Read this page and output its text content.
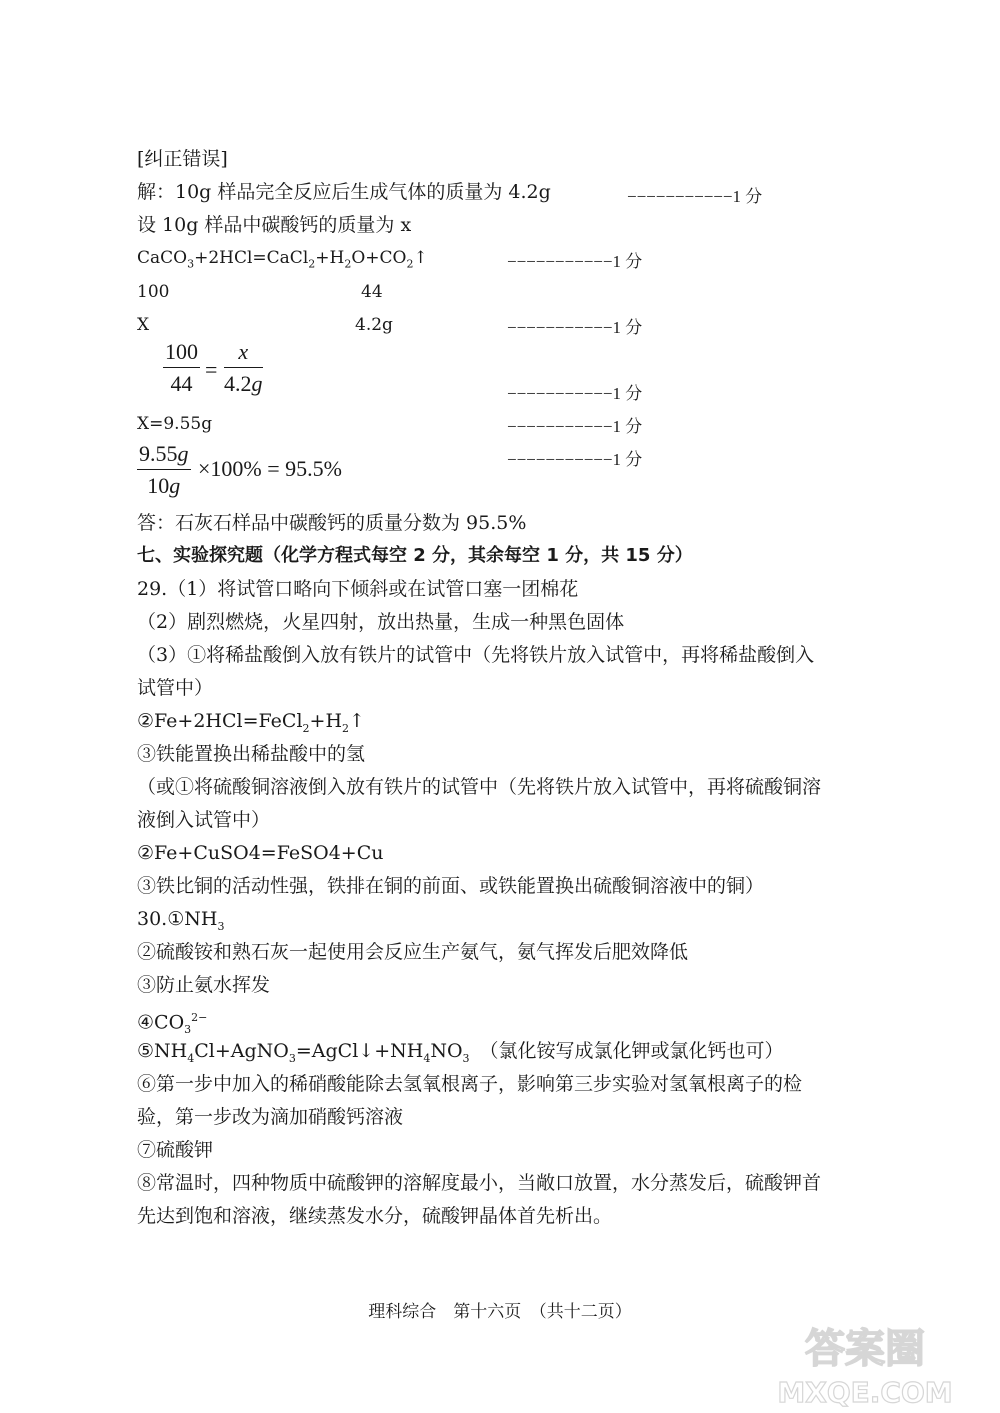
[纠正错误]
解：10g 样品完全反应后生成气体的质量为 4.2g	−−−−−−−−−−−1 分
设 10g 样品中碳酸钙的质量为 x
$CaCO_3+2HCl=CaCl_2+H_2O+CO_2↑$	−−−−−−−−−−−1 分
100	44
X	4.2g	−−−−−−−−−−−1 分
$\frac{100}{44} = \frac{x}{4.2g}$	−−−−−−−−−−−1 分
X=9.55g	−−−−−−−−−−−1 分
$\frac{9.55g}{10g} \times 100\% = 95.5\%$	−−−−−−−−−−−1 分
答：石灰石样品中碳酸钙的质量分数为 95.5%
七、实验探究题（化学方程式每空 2 分，其余每空 1 分，共 15 分）
29.（1）将试管口略向下倾斜或在试管口塞一团棉花
（2）剧烈燃烧，火星四射，放出热量，生成一种黑色固体
（3）①将稀盐酸倒入放有铁片的试管中（先将铁片放入试管中，再将稀盐酸倒入
试管中）
$②Fe+2HCl=FeCl_2+H_2↑$
③铁能置换出稀盐酸中的氢
（或①将硫酸铜溶液倒入放有铁片的试管中（先将铁片放入试管中，再将硫酸铜溶
液倒入试管中）
②Fe+CuSO4=FeSO4+Cu
③铁比铜的活动性强，铁排在铜的前面、或铁能置换出硫酸铜溶液中的铜）
$30.①NH_3$
②硫酸铵和熟石灰一起使用会反应生产氨气，氨气挥发后肥效降低
③防止氨水挥发
$④CO_3^{2-}$
$⑤NH_4Cl+AgNO_3=AgCl↓+NH_4NO_3$ （氯化铵写成氯化钾或氯化钙也可）
⑥第一步中加入的稀硝酸能除去氢氧根离子，影响第三步实验对氢氧根离子的检
验，第一步改为滴加硝酸钙溶液
⑦硫酸钾
⑧常温时，四种物质中硫酸钾的溶解度最小，当敞口放置，水分蒸发后，硫酸钾首
先达到饱和溶液，继续蒸发水分，硫酸钾晶体首先析出。
理科综合　第十六页　（共十二页）
答案圈
MXQE.COM
